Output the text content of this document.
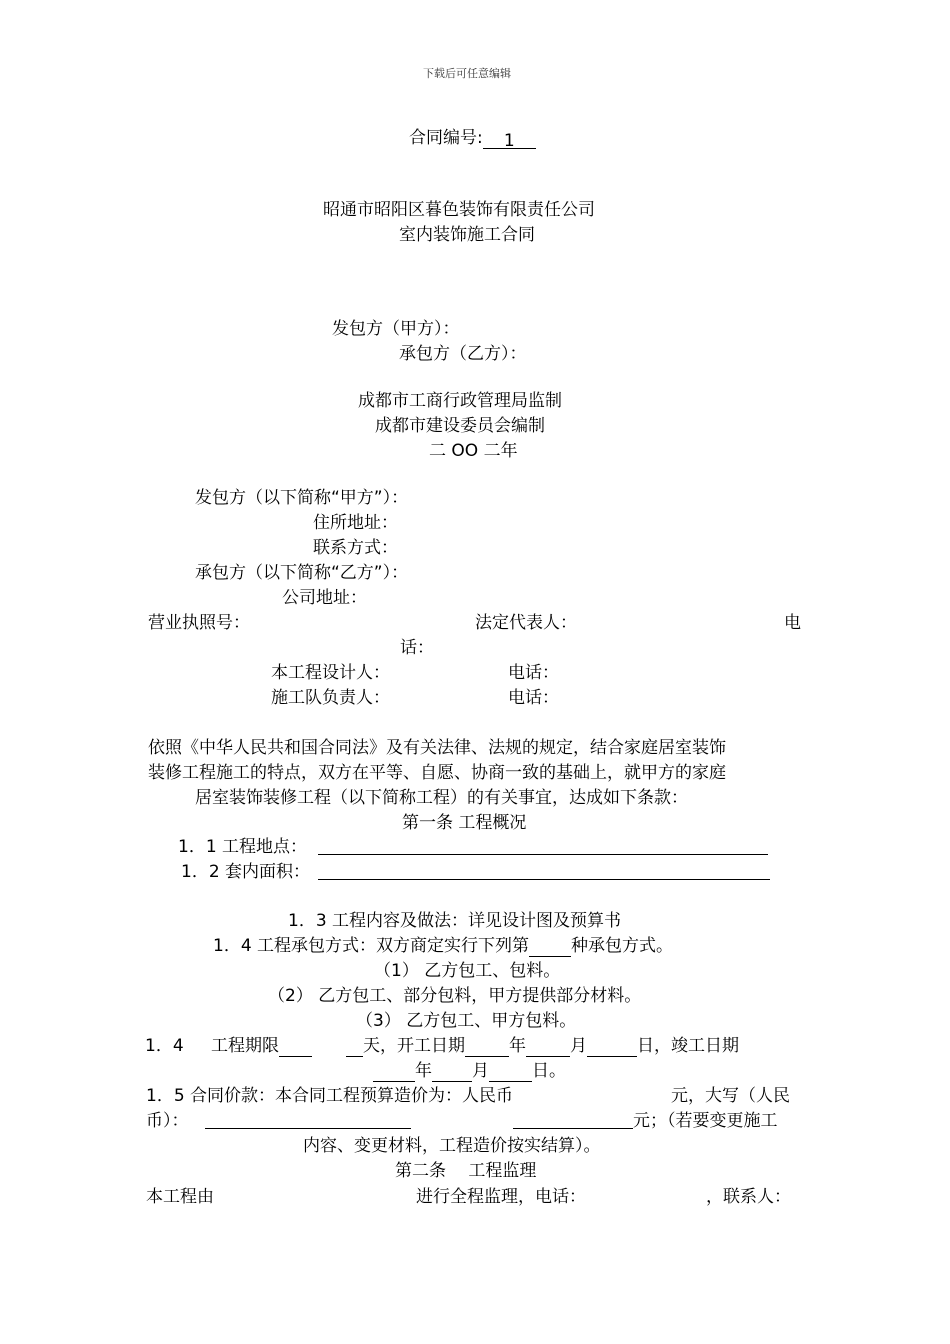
下载后可任意编辑
合同编号: 1
昭通市昭阳区暮色装饰有限责任公司
室内装饰施工合同
发包方（甲方）：
承包方（乙方）：
成都市工商行政管理局监制
成都市建设委员会编制
二 OO 二年
发包方（以下简称“甲方”）：
住所地址：
联系方式：
承包方（以下简称“乙方”）：
公司地址：
营业执照号：	法定代表人：	电
话：
本工程设计人：	电话：
施工队负责人：	电话：
依照《中华人民共和国合同法》及有关法律、法规的规定，结合家庭居室装饰
装修工程施工的特点，双方在平等、自愿、协商一致的基础上，就甲方的家庭
居室装饰装修工程（以下简称工程）的有关事宜，达成如下条款：
第一条 工程概况
1．1 工程地点：
1．2 套内面积：
1．3 工程内容及做法：详见设计图及预算书
1．4 工程承包方式：双方商定实行下列第 种承包方式。
（1） 乙方包工、包料。
（2） 乙方包工、部分包料，甲方提供部分材料。
（3） 乙方包工、甲方包料。
1．4 工程期限	天，开工日期	年	月	日，竣工日期
年 月	日。
1．5 合同价款：本合同工程预算造价为：人民币	元，大写（人民
币）：	元；（若要变更施工
内容、变更材料，工程造价按实结算）。
第二条　 工程监理
本工程由	进行全程监理，电话：	，联系人：
